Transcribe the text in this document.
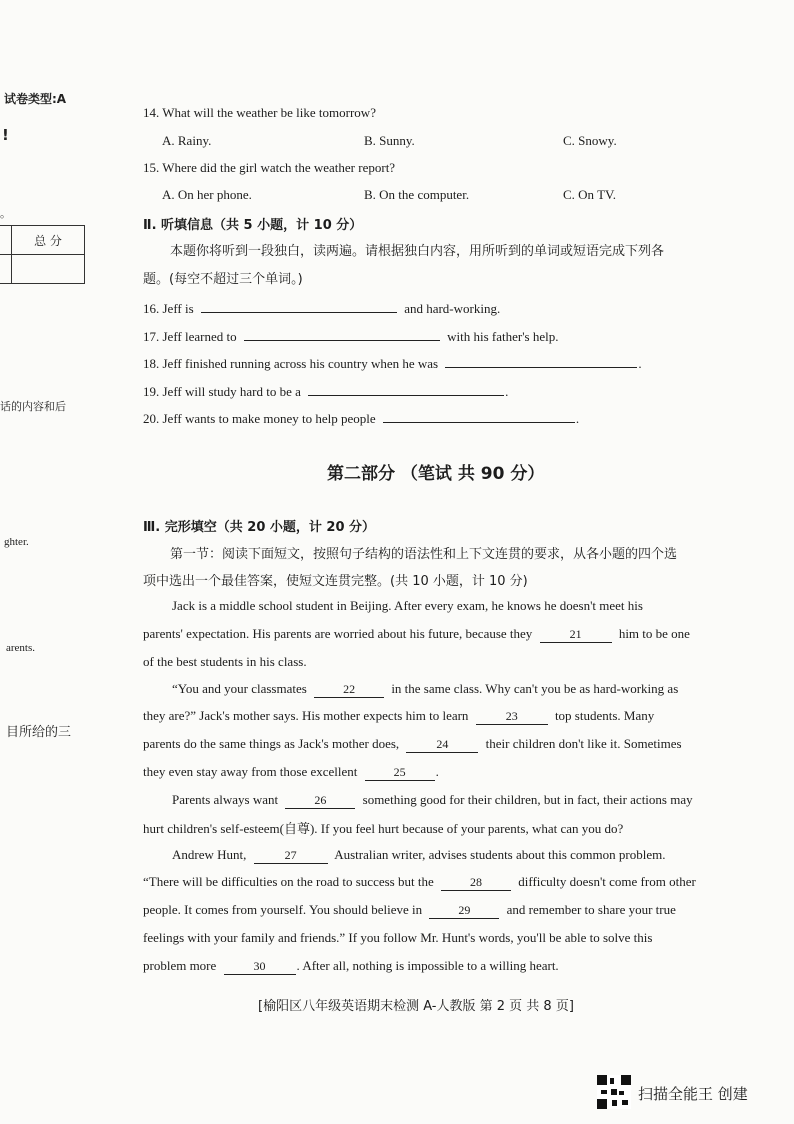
试卷类型:A
!
。
	总 分

话的内容和后
ghter.
arents.
目所给的三
14. What will the weather be like tomorrow?
A. Rainy.	B. Sunny.	C. Snowy.
15. Where did the girl watch the weather report?
A. On her phone.	B. On the computer.	C. On TV.
Ⅱ. 听填信息（共 5 小题，计 10 分）
本题你将听到一段独白，读两遍。请根据独白内容，用所听到的单词或短语完成下列各
题。(每空不超过三个单词。)
16. Jeff is	and hard-working.
17. Jeff learned to	with his father's help.
18. Jeff finished running across his country when he was	.
19. Jeff will study hard to be a	.
20. Jeff wants to make money to help people	.
第二部分 （笔试 共 90 分）
Ⅲ. 完形填空（共 20 小题，计 20 分）
第一节：阅读下面短文，按照句子结构的语法性和上下文连贯的要求，从各小题的四个选
项中选出一个最佳答案，使短文连贯完整。(共 10 小题，计 10 分)
Jack is a middle school student in Beijing. After every exam, he knows he doesn't meet his
parents' expectation. His parents are worried about his future, because they	21	him to be one
of the best students in his class.
“You and your classmates	22	in the same class. Why can't you be as hard-working as
they are?” Jack's mother says. His mother expects him to learn	23	top students. Many
parents do the same things as Jack's mother does,	24	their children don't like it. Sometimes
they even stay away from those excellent	25 .
Parents always want	26	something good for their children, but in fact, their actions may
hurt children's self-esteem(自尊). If you feel hurt because of your parents, what can you do?
Andrew Hunt,	27	Australian writer, advises students about this common problem.
“There will be difficulties on the road to success but the	28	difficulty doesn't come from other
people. It comes from yourself. You should believe in	29	and remember to share your true
feelings with your family and friends.” If you follow Mr. Hunt's words, you'll be able to solve this
problem more	30 . After all, nothing is impossible to a willing heart.
[榆阳区八年级英语期末检测 A-人教版 第 2 页 共 8 页]
扫描全能王 创建
